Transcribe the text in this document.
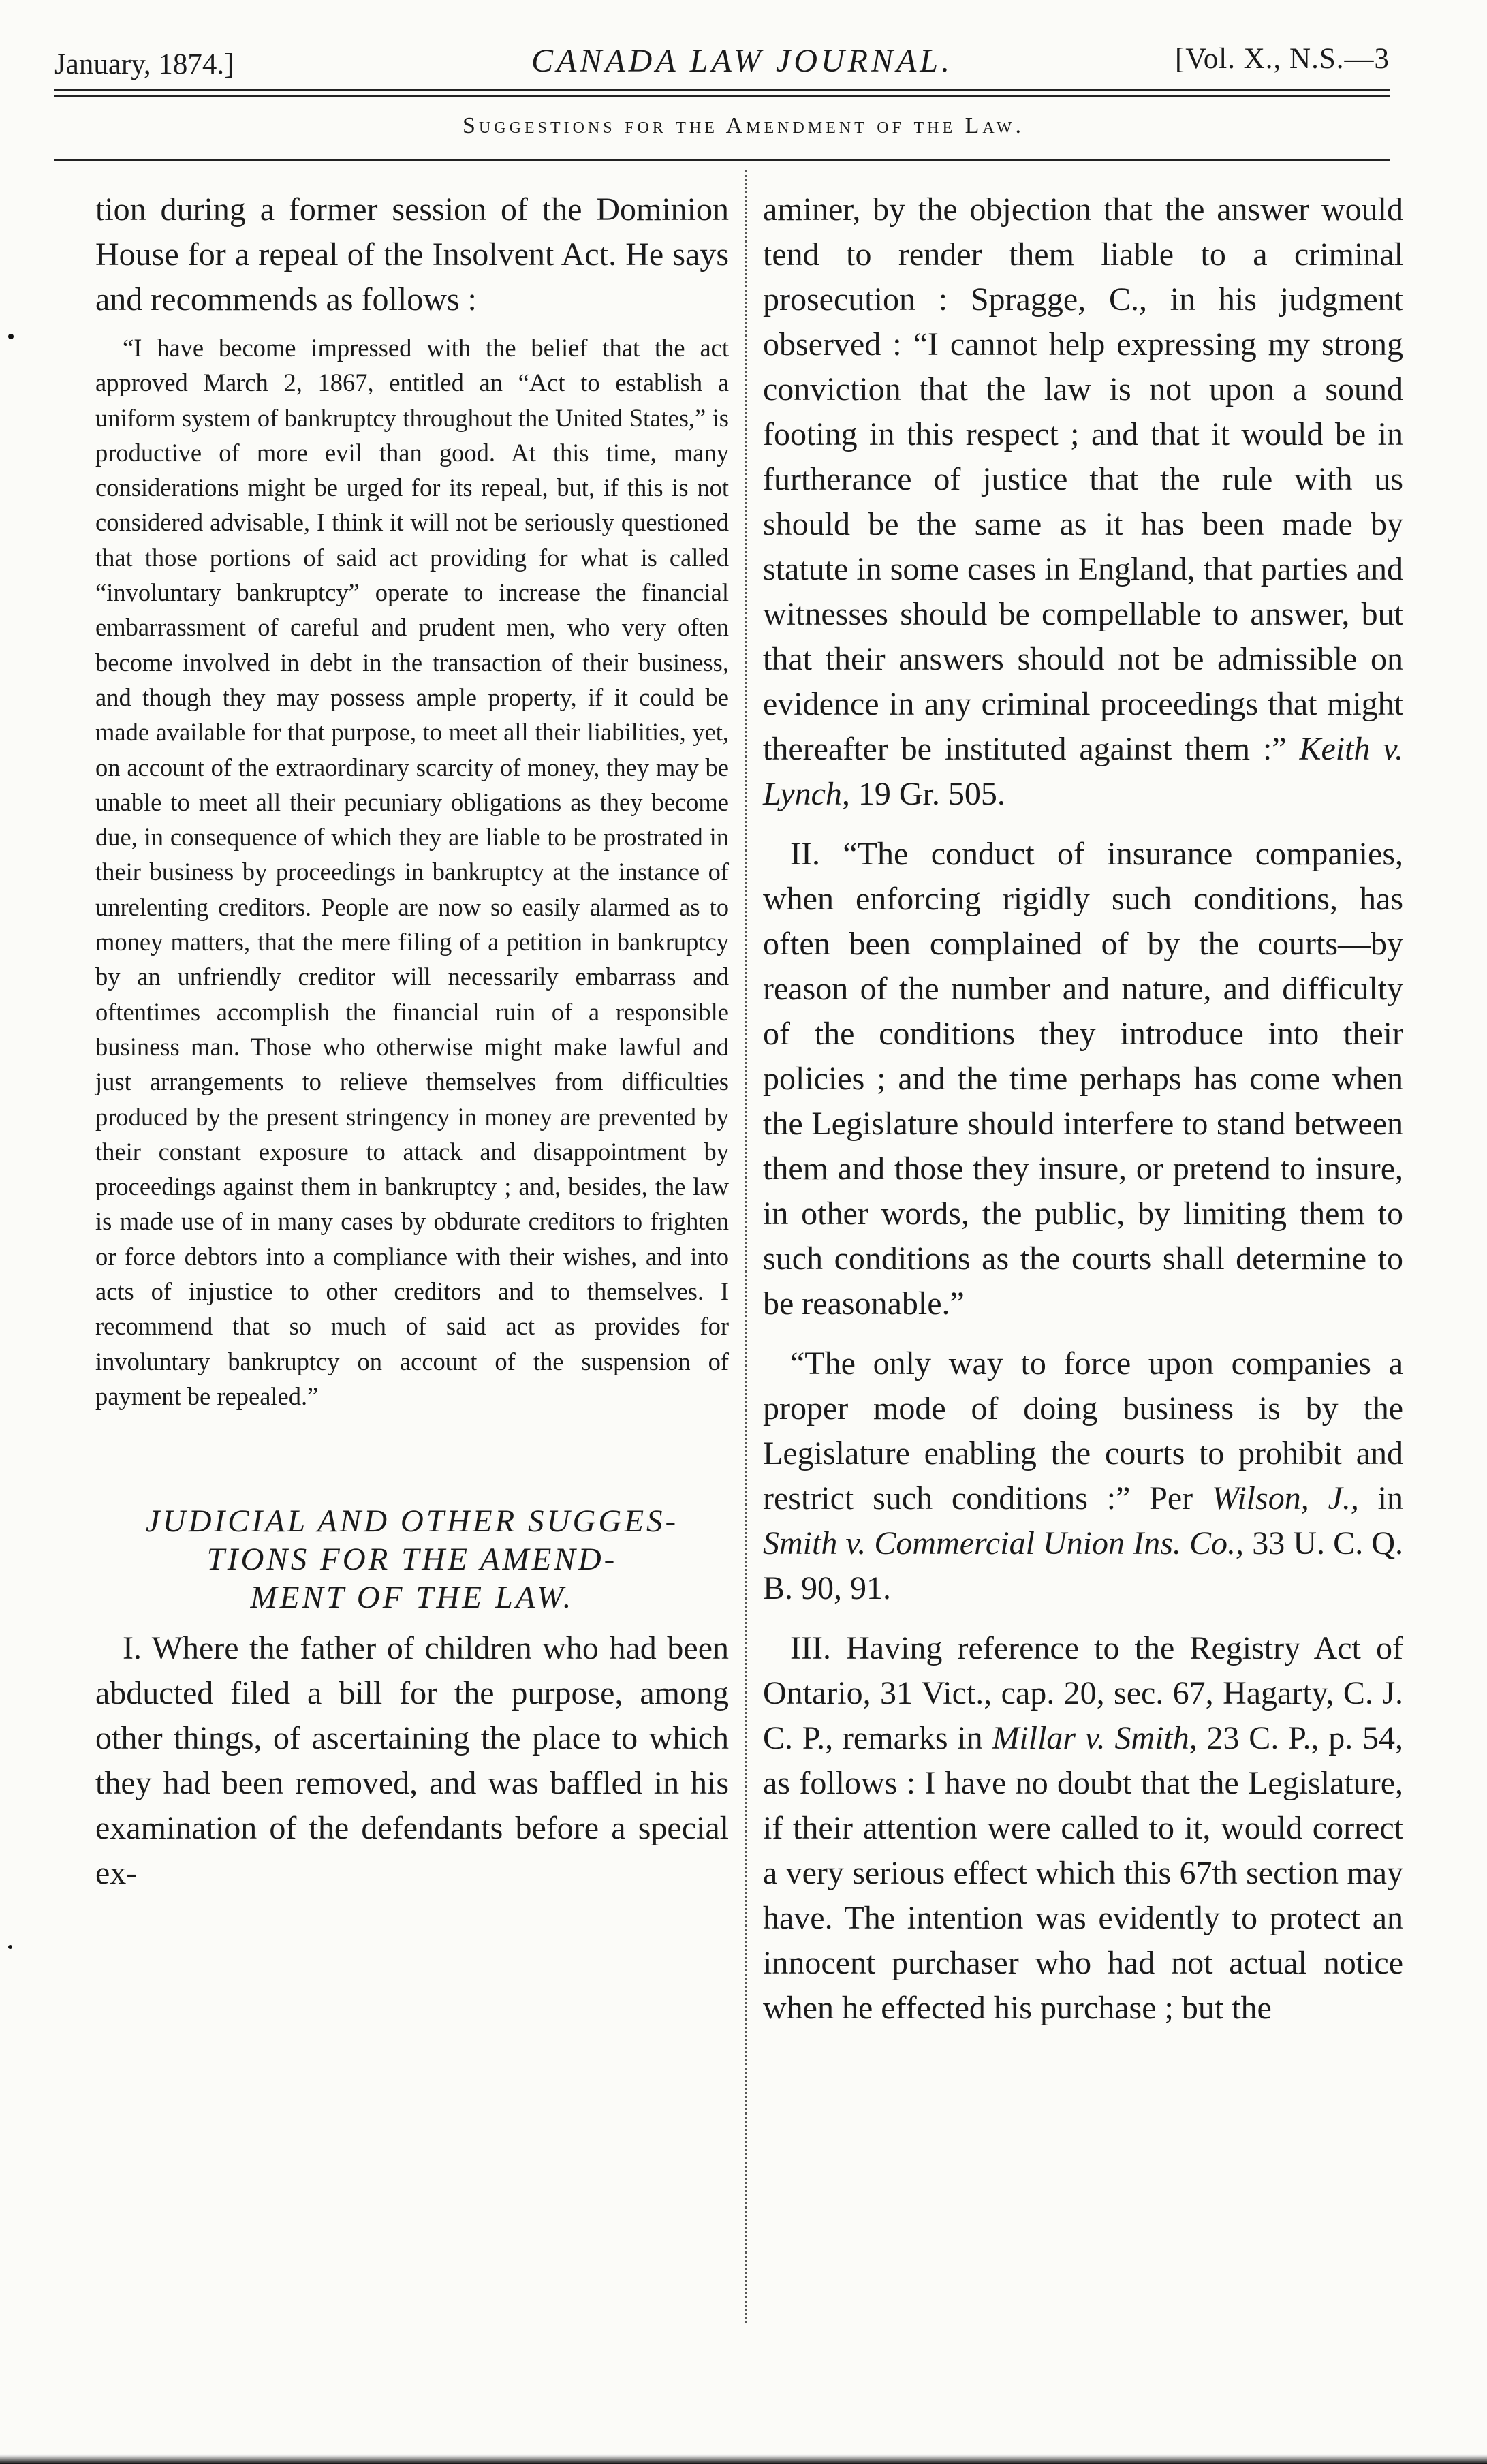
January, 1874.]	CANADA LAW JOURNAL.	[Vol. X., N.S.—3
Suggestions for the Amendment of the Law.

tion during a former session of the Dominion House for a repeal of the Insolvent Act. He says and recommends as follows :

“I have become impressed with the belief that the act approved March 2, 1867, entitled an “Act to establish a uniform system of bankruptcy throughout the United States,” is productive of more evil than good. At this time, many considerations might be urged for its repeal, but, if this is not considered advisable, I think it will not be seriously questioned that those portions of said act providing for what is called “involuntary bankruptcy” operate to increase the financial embarrassment of careful and prudent men, who very often become involved in debt in the transaction of their business, and though they may possess ample property, if it could be made available for that purpose, to meet all their liabilities, yet, on account of the extraordinary scarcity of money, they may be unable to meet all their pecuniary obligations as they become due, in consequence of which they are liable to be prostrated in their business by proceedings in bankruptcy at the instance of unrelenting creditors. People are now so easily alarmed as to money matters, that the mere filing of a petition in bankruptcy by an unfriendly creditor will necessarily embarrass and oftentimes accomplish the financial ruin of a responsible business man. Those who otherwise might make lawful and just arrangements to relieve themselves from difficulties produced by the present stringency in money are prevented by their constant exposure to attack and disappointment by proceedings against them in bankruptcy ; and, besides, the law is made use of in many cases by obdurate creditors to frighten or force debtors into a compliance with their wishes, and into acts of injustice to other creditors and to themselves. I recommend that so much of said act as provides for involuntary bankruptcy on account of the suspension of payment be repealed.”

JUDICIAL AND OTHER SUGGES-
TIONS FOR THE AMEND-
MENT OF THE LAW.

I. Where the father of children who had been abducted filed a bill for the purpose, among other things, of ascertaining the place to which they had been removed, and was baffled in his examination of the defendants before a special ex-

aminer, by the objection that the answer would tend to render them liable to a criminal prosecution : Spragge, C., in his judgment observed : “I cannot help expressing my strong conviction that the law is not upon a sound footing in this respect ; and that it would be in furtherance of justice that the rule with us should be the same as it has been made by statute in some cases in England, that parties and witnesses should be compellable to answer, but that their answers should not be admissible on evidence in any criminal proceedings that might thereafter be instituted against them :” Keith v. Lynch, 19 Gr. 505.

II. “The conduct of insurance companies, when enforcing rigidly such conditions, has often been complained of by the courts—by reason of the number and nature, and difficulty of the conditions they introduce into their policies ; and the time perhaps has come when the Legislature should interfere to stand between them and those they insure, or pretend to insure, in other words, the public, by limiting them to such conditions as the courts shall determine to be reasonable.”

“The only way to force upon companies a proper mode of doing business is by the Legislature enabling the courts to prohibit and restrict such conditions :” Per Wilson, J., in Smith v. Commercial Union Ins. Co., 33 U. C. Q. B. 90, 91.

III. Having reference to the Registry Act of Ontario, 31 Vict., cap. 20, sec. 67, Hagarty, C. J. C. P., remarks in Millar v. Smith, 23 C. P., p. 54, as follows : I have no doubt that the Legislature, if their attention were called to it, would correct a very serious effect which this 67th section may have. The intention was evidently to protect an innocent purchaser who had not actual notice when he effected his purchase ; but the
